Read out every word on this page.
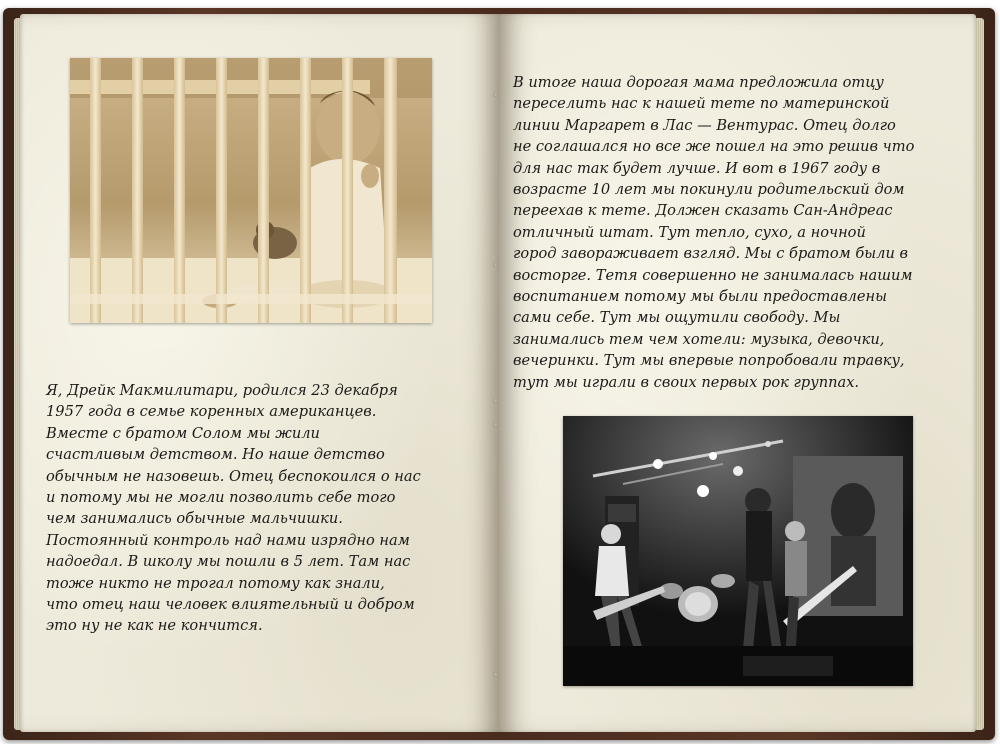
Я, Дрейк Макмилитари, родился 23 декабря
1957 года в семье коренных американцев.
Вместе с братом Солом мы жили
счастливым детством. Но наше детство
обычным не назовешь. Отец беспокоился о нас
и потому мы не могли позволить себе того
чем занимались обычные мальчишки.
Постоянный контроль над нами изрядно нам
надоедал. В школу мы пошли в 5 лет. Там нас
тоже никто не трогал потому как знали,
что отец наш человек влиятельный и добром
это ну не как не кончится.
В итоге наша дорогая мама предложила отцу
переселить нас к нашей тете по материнской
линии Маргарет в Лас — Вентурас. Отец долго
не соглашался но все же пошел на это решив что
для нас так будет лучше. И вот в 1967 году в
возрасте 10 лет мы покинули родительский дом
переехав к тете. Должен сказать Сан-Андреас
отличный штат. Тут тепло, сухо, а ночной
город завораживает взгляд. Мы с братом были в
восторге. Тетя совершенно не занималась нашим
воспитанием потому мы были предоставлены
сами себе. Тут мы ощутили свободу. Мы
занимались тем чем хотели: музыка, девочки,
вечеринки. Тут мы впервые попробовали травку,
тут мы играли в своих первых рок группах.
